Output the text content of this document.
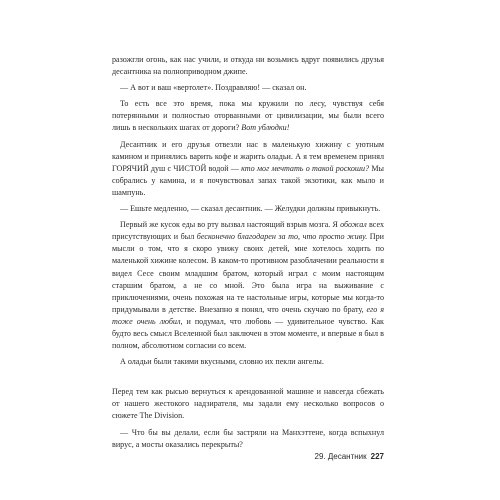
разожгли огонь, как нас учили, и откуда ни возьмись вдруг появились друзья десантника на полноприводном джипе.

— А вот и ваш «вертолет». Поздравляю! — сказал он.

То есть все это время, пока мы кружили по лесу, чувствуя себя потерянными и полностью оторванными от цивилизации, мы были всего лишь в нескольких шагах от дороги? Вот ублюдки!

Десантник и его друзья отвезли нас в маленькую хижину с уютным камином и принялись варить кофе и жарить оладьи. А я тем временем принял ГОРЯЧИЙ душ с ЧИСТОЙ водой — кто мог мечтать о такой роскоши? Мы собрались у камина, и я почувствовал запах такой экзотики, как мыло и шампунь.

— Ешьте медленно, — сказал десантник. — Желудки должны привыкнуть.

Первый же кусок еды во рту вызвал настоящий взрыв мозга. Я обожал всех присутствующих и был бесконечно благодарен за то, что просто живу. При мысли о том, что я скоро увижу своих детей, мне хотелось ходить по маленькой хижине колесом. В каком-то противном разоблачении реальности я видел Сесе своим младшим братом, который играл с моим настоящим старшим братом, а не со мной. Это была игра на выживание с приключениями, очень похожая на те настольные игры, которые мы когда-то придумывали в детстве. Внезапно я понял, что очень скучаю по брату, его я тоже очень любил, и подумал, что любовь — удивительное чувство. Как будто весь смысл Вселенной был заключен в этом моменте, и впервые я был в полном, абсолютном согласии со всем.

А оладьи были такими вкусными, словно их пекли ангелы.

Перед тем как рысью вернуться к арендованной машине и навсегда сбежать от нашего жестокого надзирателя, мы задали ему несколько вопросов о сюжете The Division.

— Что бы вы делали, если бы застряли на Манхэттене, когда вспыхнул вирус, а мосты оказались перекрыты?

29. Десантник 227
